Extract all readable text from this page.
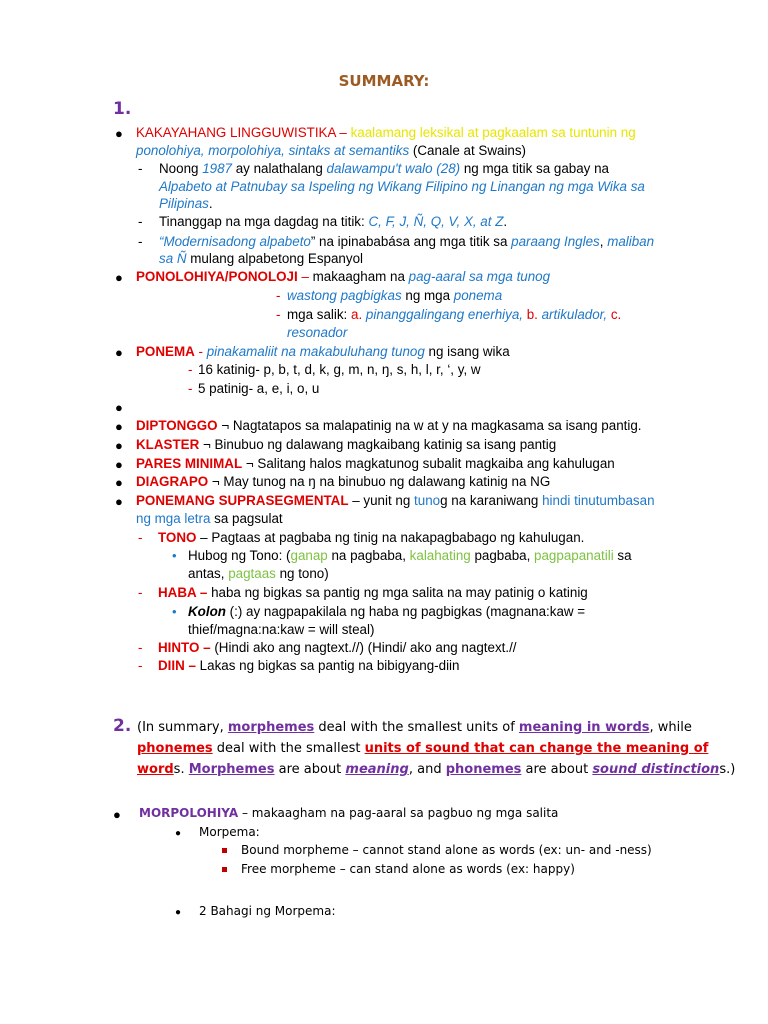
SUMMARY:
1.
● KAKAYAHANG LINGGUWISTIKA – kaalamang leksikal at pagkaalam sa tuntunin ng
ponolohiya, morpolohiya, sintaks at semantiks (Canale at Swains)
- Noong 1987 ay nalathalang dalawampu't walo (28) ng mga titik sa gabay na
Alpabeto at Patnubay sa Ispeling ng Wikang Filipino ng Linangan ng mga Wika sa
Pilipinas.
- Tinanggap na mga dagdag na titik: C, F, J, Ñ, Q, V, X, at Z.
- “Modernisadong alpabeto” na ipinababása ang mga titik sa paraang Ingles, maliban
sa Ñ mulang alpabetong Espanyol
● PONOLOHIYA/PONOLOJI – makaagham na pag-aaral sa mga tunog
- wastong pagbigkas ng mga ponema
- mga salik: a. pinanggalingang enerhiya, b. artikulador, c.
resonador
● PONEMA - pinakamaliit na makabuluhang tunog ng isang wika
- 16 katinig- p, b, t, d, k, g, m, n, ŋ, s, h, l, r, ‘, y, w
- 5 patinig- a, e, i, o, u
●
● DIPTONGGO ¬ Nagtatapos sa malapatinig na w at y na magkasama sa isang pantig.
● KLASTER ¬ Binubuo ng dalawang magkaibang katinig sa isang pantig
● PARES MINIMAL ¬ Salitang halos magkatunog subalit magkaiba ang kahulugan
● DIAGRAPO ¬ May tunog na ŋ na binubuo ng dalawang katinig na NG
● PONEMANG SUPRASEGMENTAL – yunit ng tunog na karaniwang hindi tinutumbasan
ng mga letra sa pagsulat
- TONO – Pagtaas at pagbaba ng tinig na nakapagbabago ng kahulugan.
• Hubog ng Tono: (ganap na pagbaba, kalahating pagbaba, pagpapanatili sa
antas, pagtaas ng tono)
- HABA – haba ng bigkas sa pantig ng mga salita na may patinig o katinig
• Kolon (:) ay nagpapakilala ng haba ng pagbigkas (magnana:kaw =
thief/magna:na:kaw = will steal)
- HINTO – (Hindi ako ang nagtext.//) (Hindi/ ako ang nagtext.//
- DIIN – Lakas ng bigkas sa pantig na bibigyang-diin
2. (In summary, morphemes deal with the smallest units of meaning in words, while
phonemes deal with the smallest units of sound that can change the meaning of
words. Morphemes are about meaning, and phonemes are about sound distinctions.)
● MORPOLOHIYA – makaagham na pag-aaral sa pagbuo ng mga salita
● Morpema:
Bound morpheme – cannot stand alone as words (ex: un- and -ness)
Free morpheme – can stand alone as words (ex: happy)
● 2 Bahagi ng Morpema:
